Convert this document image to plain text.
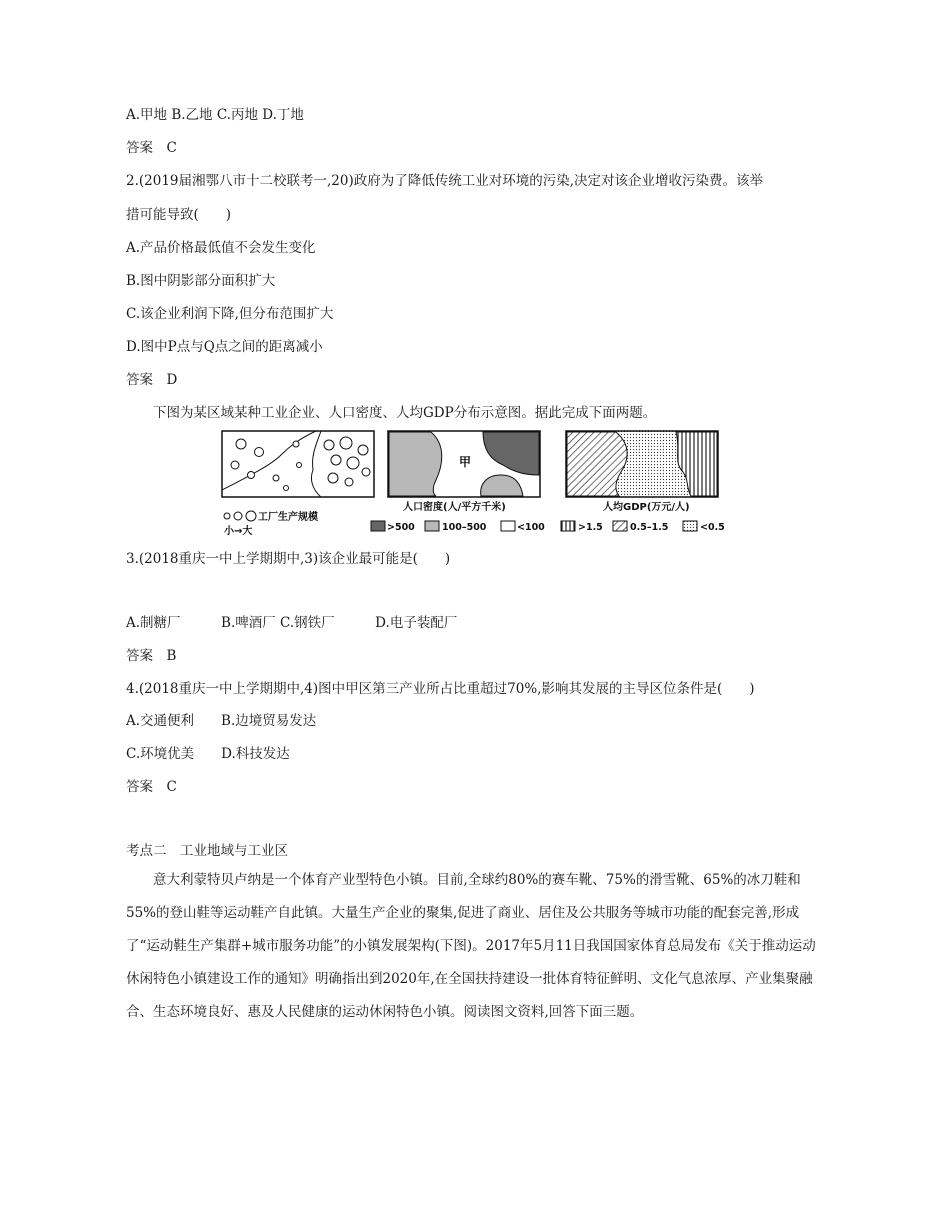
A.甲地 B.乙地 C.丙地 D.丁地
答案　C
2.(2019届湘鄂八市十二校联考一,20)政府为了降低传统工业对环境的污染,决定对该企业增收污染费。该举
措可能导致(　　)
A.产品价格最低值不会发生变化
B.图中阴影部分面积扩大
C.该企业利润下降,但分布范围扩大
D.图中P点与Q点之间的距离减小
答案　D
下图为某区域某种工业企业、人口密度、人均GDP分布示意图。据此完成下面两题。
甲
工厂生产规模
小→大
人口密度(人/平方千米)
>500	100–500	<100
人均GDP(万元/人)
>1.5	0.5–1.5	<0.5
3.(2018重庆一中上学期期中,3)该企业最可能是(　　)
A.制糖厂　　　B.啤酒厂 C.钢铁厂　　　D.电子装配厂
答案　B
4.(2018重庆一中上学期期中,4)图中甲区第三产业所占比重超过70%,影响其发展的主导区位条件是(　　)
A.交通便利　　B.边境贸易发达
C.环境优美　　D.科技发达
答案　C
考点二　工业地域与工业区
意大利蒙特贝卢纳是一个体育产业型特色小镇。目前,全球约80%的赛车靴、75%的滑雪靴、65%的冰刀鞋和55%的登山鞋等运动鞋产自此镇。大量生产企业的聚集,促进了商业、居住及公共服务等城市功能的配套完善,形成了“运动鞋生产集群+城市服务功能”的小镇发展架构(下图)。2017年5月11日我国国家体育总局发布《关于推动运动休闲特色小镇建设工作的通知》明确指出到2020年,在全国扶持建设一批体育特征鲜明、文化气息浓厚、产业集聚融合、生态环境良好、惠及人民健康的运动休闲特色小镇。阅读图文资料,回答下面三题。
